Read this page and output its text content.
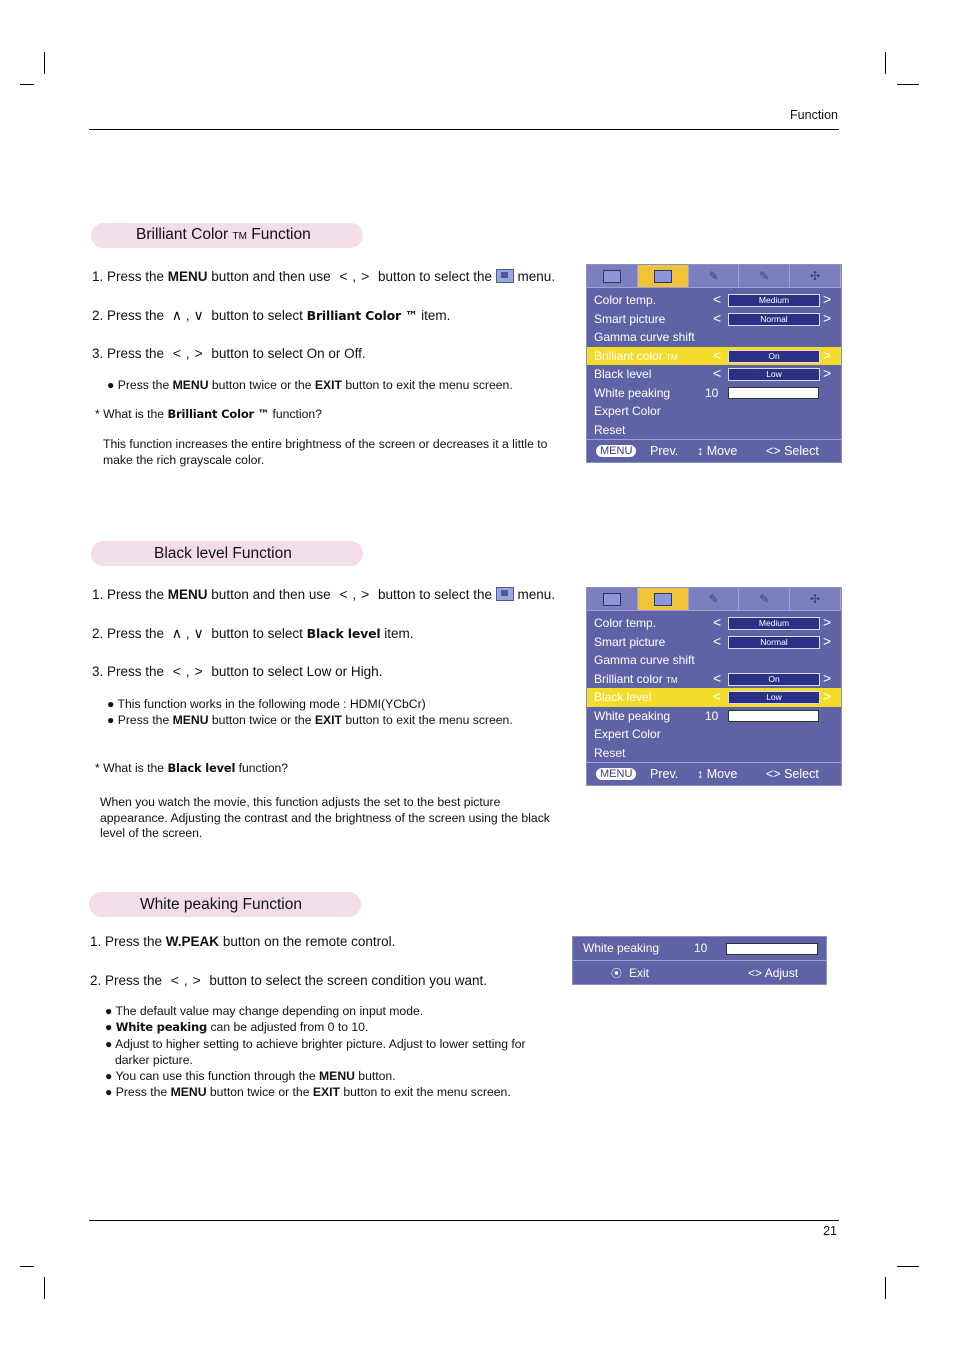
Function
21
Brilliant Color TM Function
1. Press the MENU button and then use < , > button to select the  menu.
2. Press the ∧ , ∨ button to select Brilliant Color ™ item.
3. Press the < , > button to select On or Off.
● Press the MENU button twice or the EXIT button to exit the menu screen.
* What is the Brilliant Color ™ function?
This function increases the entire brightness of the screen or decreases it a little to make the rich grayscale color.
✎	✎	✣
Color temp.	<	Medium	>
Smart picture	<	Normal	>
Gamma curve shift
Brilliant color TM	<	On	>
Black level	<	Low	>
White peaking	10
Expert Color
Reset
MENU	Prev. ↕ Move <> Select
Black level Function
1. Press the MENU button and then use < , > button to select the  menu.
2. Press the ∧ , ∨ button to select Black level item.
3. Press the < , > button to select Low or High.
● This function works in the following mode : HDMI(YCbCr)
● Press the MENU button twice or the EXIT button to exit the menu screen.
* What is the Black level function?
When you watch the movie, this function adjusts the set to the best picture appearance. Adjusting the contrast and the brightness of the screen using the black level of the screen.
✎	✎	✣
Color temp.	<	Medium	>
Smart picture	<	Normal	>
Gamma curve shift
Brilliant color TM	<	On	>
Black level	<	Low	>
White peaking	10
Expert Color
Reset
MENU	Prev. ↕ Move <> Select
White peaking Function
1. Press the W.PEAK button on the remote control.
2. Press the < , > button to select the screen condition you want.
● The default value may change depending on input mode.
● White peaking can be adjusted from 0 to 10.
● Adjust to higher setting to achieve brighter picture. Adjust to lower setting for
darker picture.
● You can use this function through the MENU button.
● Press the MENU button twice or the EXIT button to exit the menu screen.
White peaking	10
⦿ Exit	<> Adjust
